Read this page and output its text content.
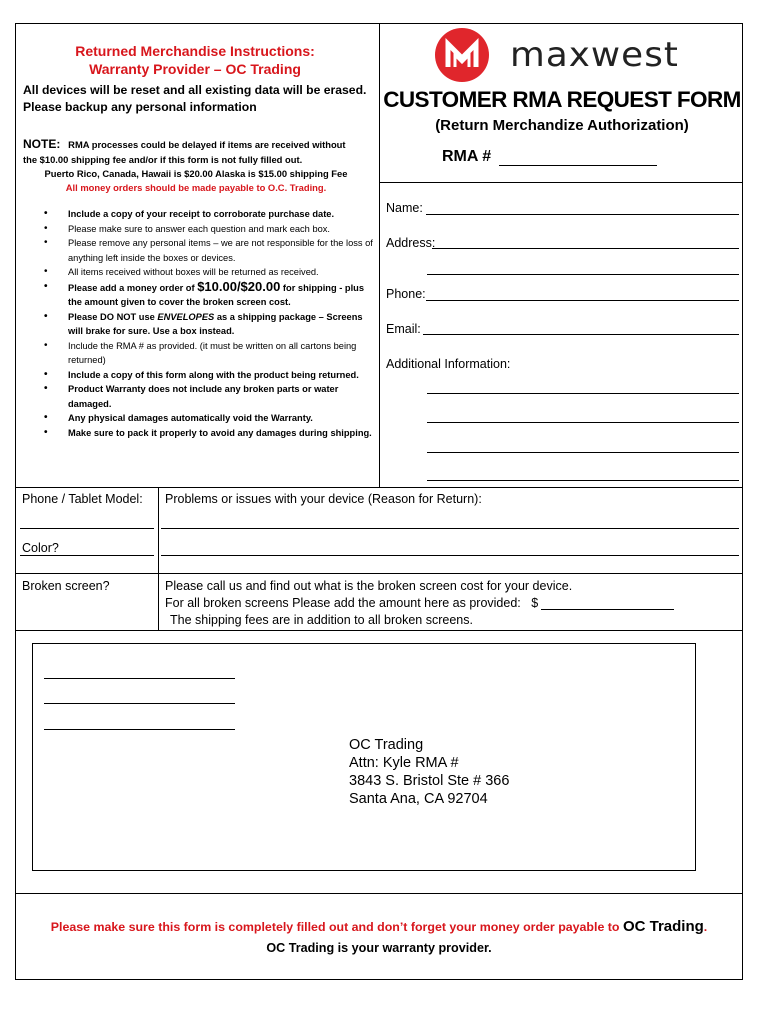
Returned Merchandise Instructions:
Warranty Provider – OC Trading
All devices will be reset and all existing data will be erased.
Please backup any personal information
NOTE: RMA processes could be delayed if items are received without
the $10.00 shipping fee and/or if this form is not fully filled out.
Puerto Rico, Canada, Hawaii is $20.00 Alaska is $15.00 shipping Fee
All money orders should be made payable to O.C. Trading.
• Include a copy of your receipt to corroborate purchase date.
• Please make sure to answer each question and mark each box.
• Please remove any personal items – we are not responsible for the loss of anything left inside the boxes or devices.
• All items received without boxes will be returned as received.
• Please add a money order of $10.00/$20.00 for shipping - plus the amount given to cover the broken screen cost.
• Please DO NOT use ENVELOPES as a shipping package – Screens will brake for sure. Use a box instead.
• Include the RMA # as provided. (it must be written on all cartons being returned)
• Include a copy of this form along with the product being returned.
• Product Warranty does not include any broken parts or water damaged.
• Any physical damages automatically void the Warranty.
• Make sure to pack it properly to avoid any damages during shipping.
maxwest
CUSTOMER RMA REQUEST FORM
(Return Merchandize Authorization)
RMA #
Name:
Address:
Phone:
Email:
Additional Information:
Phone / Tablet Model: Problems or issues with your device (Reason for Return):
Color?
Broken screen?	Please call us and find out what is the broken screen cost for your device.
For all broken screens Please add the amount here as provided: $
The shipping fees are in addition to all broken screens.
OC Trading
Attn: Kyle RMA #
3843 S. Bristol Ste # 366
Santa Ana, CA 92704
Please make sure this form is completely filled out and don’t forget your money order payable to OC Trading.
OC Trading is your warranty provider.
